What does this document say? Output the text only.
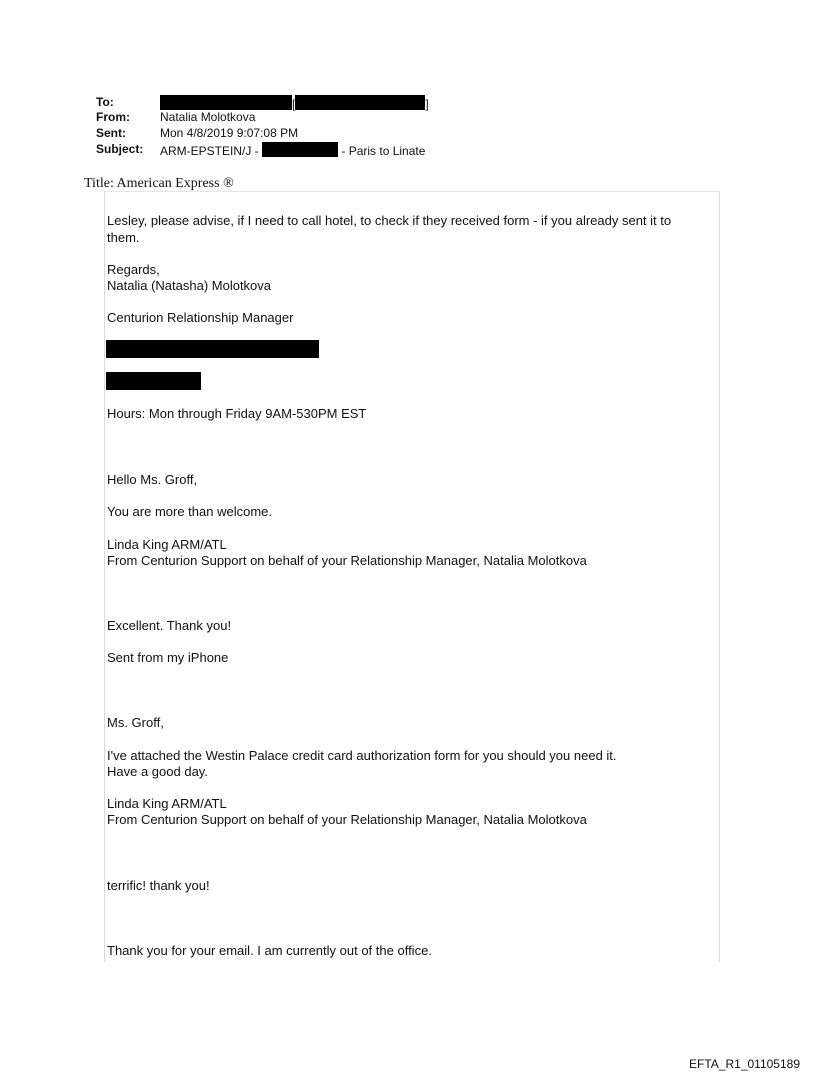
To:	[	]
From:	Natalia Molotkova
Sent:	Mon 4/8/2019 9:07:08 PM
Subject: ARM-EPSTEIN/J -	- Paris to Linate
Title: American Express ®
Lesley, please advise, if I need to call hotel, to check if they received form - if you already sent it to
them.
Regards,
Natalia (Natasha) Molotkova
Centurion Relationship Manager
Hours: Mon through Friday 9AM-530PM EST
Hello Ms. Groff,
You are more than welcome.
Linda King ARM/ATL
From Centurion Support on behalf of your Relationship Manager, Natalia Molotkova
Excellent. Thank you!
Sent from my iPhone
Ms. Groff,
I've attached the Westin Palace credit card authorization form for you should you need it.
Have a good day.
Linda King ARM/ATL
From Centurion Support on behalf of your Relationship Manager, Natalia Molotkova
terrific! thank you!
Thank you for your email. I am currently out of the office.
EFTA_R1_01105189
